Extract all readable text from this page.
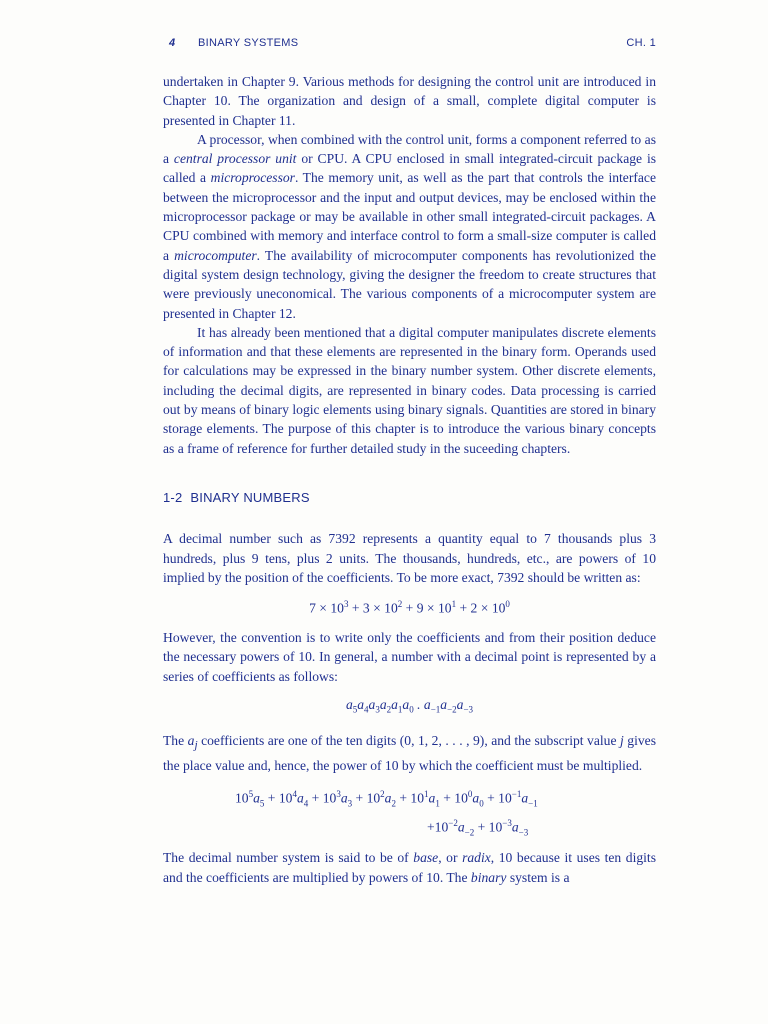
4 BINARY SYSTEMS	CH. 1

undertaken in Chapter 9. Various methods for designing the control unit are introduced in Chapter 10. The organization and design of a small, complete digital computer is presented in Chapter 11.

A processor, when combined with the control unit, forms a component referred to as a central processor unit or CPU. A CPU enclosed in small integrated-circuit package is called a microprocessor. The memory unit, as well as the part that controls the interface between the microprocessor and the input and output devices, may be enclosed within the microprocessor package or may be available in other small integrated-circuit packages. A CPU combined with memory and interface control to form a small-size computer is called a microcomputer. The availability of microcomputer components has revolutionized the digital system design technology, giving the designer the freedom to create structures that were previously uneconomical. The various components of a microcomputer system are presented in Chapter 12.

It has already been mentioned that a digital computer manipulates discrete elements of information and that these elements are represented in the binary form. Operands used for calculations may be expressed in the binary number system. Other discrete elements, including the decimal digits, are represented in binary codes. Data processing is carried out by means of binary logic elements using binary signals. Quantities are stored in binary storage elements. The purpose of this chapter is to introduce the various binary concepts as a frame of reference for further detailed study in the suceeding chapters.

1-2 BINARY NUMBERS

A decimal number such as 7392 represents a quantity equal to 7 thousands plus 3 hundreds, plus 9 tens, plus 2 units. The thousands, hundreds, etc., are powers of 10 implied by the position of the coefficients. To be more exact, 7392 should be written as:

$7 \times 10^3 + 3 \times 10^2 + 9 \times 10^1 + 2 \times 10^0$

However, the convention is to write only the coefficients and from their position deduce the necessary powers of 10. In general, a number with a decimal point is represented by a series of coefficients as follows:

$a_5a_4a_3a_2a_1a_0$ . $a_{-1}a_{-2}a_{-3}$

The $a_j$ coefficients are one of the ten digits (0, 1, 2, . . . , 9), and the subscript value j gives the place value and, hence, the power of 10 by which the coefficient must be multiplied.

$10^5a_5 + 10^4a_4 + 10^3a_3 + 10^2a_2 + 10^1a_1 + 10^0a_0 + 10^{-1}a_{-1}$
$+10^{-2}a_{-2} + 10^{-3}a_{-3}$

The decimal number system is said to be of base, or radix, 10 because it uses ten digits and the coefficients are multiplied by powers of 10. The binary system is a
